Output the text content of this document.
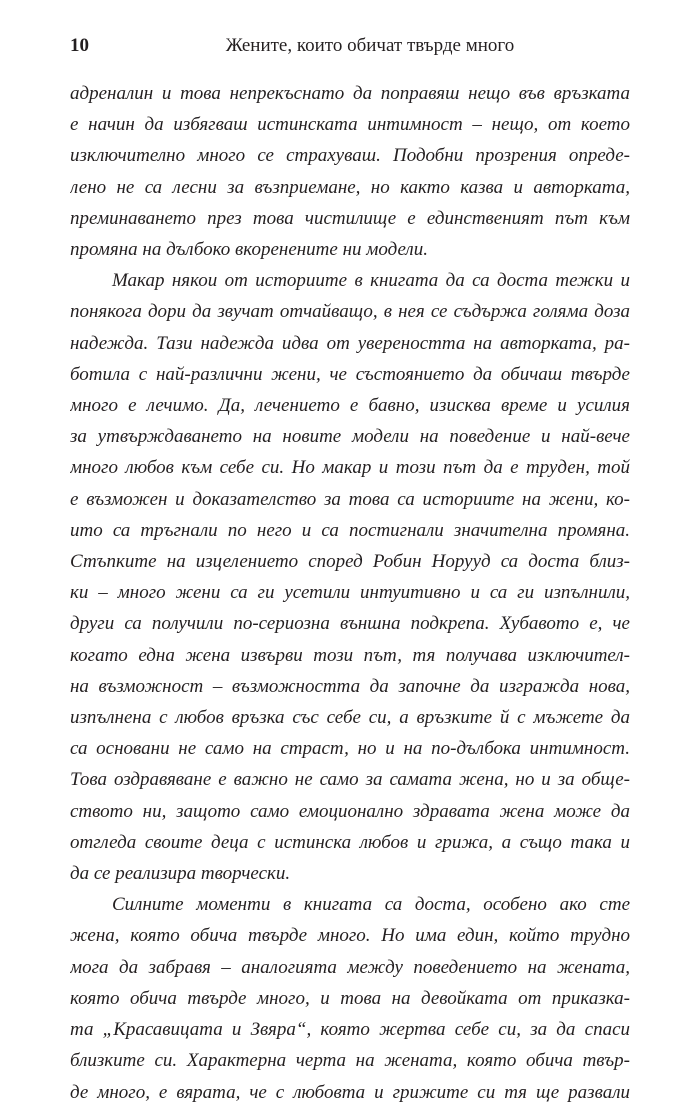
10	Жените, които обичат твърде много
адреналин и това непрекъснато да поправяш нещо във връзката
е начин да избягваш истинската интимност – нещо, от което
изключително много се страхуваш. Подобни прозрения опреде-
лено не са лесни за възприемане, но както казва и авторката,
преминаването през това чистилище е единственият път към
промяна на дълбоко вкоренените ни модели.
Макар някои от историите в книгата да са доста тежки и
понякога дори да звучат отчайващо, в нея се съдържа голяма доза
надежда. Тази надежда идва от увереността на авторката, ра-
ботила с най-различни жени, че състоянието да обичаш твърде
много е лечимо. Да, лечението е бавно, изисква време и усилия
за утвърждаването на новите модели на поведение и най-вече
много любов към себе си. Но макар и този път да е труден, той
е възможен и доказателство за това са историите на жени, ко-
ито са тръгнали по него и са постигнали значителна промяна.
Стъпките на изцелението според Робин Норууд са доста близ-
ки – много жени са ги усетили интуитивно и са ги изпълнили,
други са получили по-сериозна външна подкрепа. Хубавото е, че
когато една жена извърви този път, тя получава изключител-
на възможност – възможността да започне да изгражда нова,
изпълнена с любов връзка със себе си, а връзките й с мъжете да
са основани не само на страст, но и на по-дълбока интимност.
Това оздравяване е важно не само за самата жена, но и за обще-
ството ни, защото само емоционално здравата жена може да
отгледа своите деца с истинска любов и грижа, а също така и
да се реализира творчески.
Силните моменти в книгата са доста, особено ако сте
жена, която обича твърде много. Но има един, който трудно
мога да забравя – аналогията между поведението на жената,
която обича твърде много, и това на девойката от приказка-
та „Красавицата и Звяра“, която жертва себе си, за да спаси
близките си. Характерна черта на жената, която обича твър-
де много, е вярата, че с любовта и грижите си тя ще развали
